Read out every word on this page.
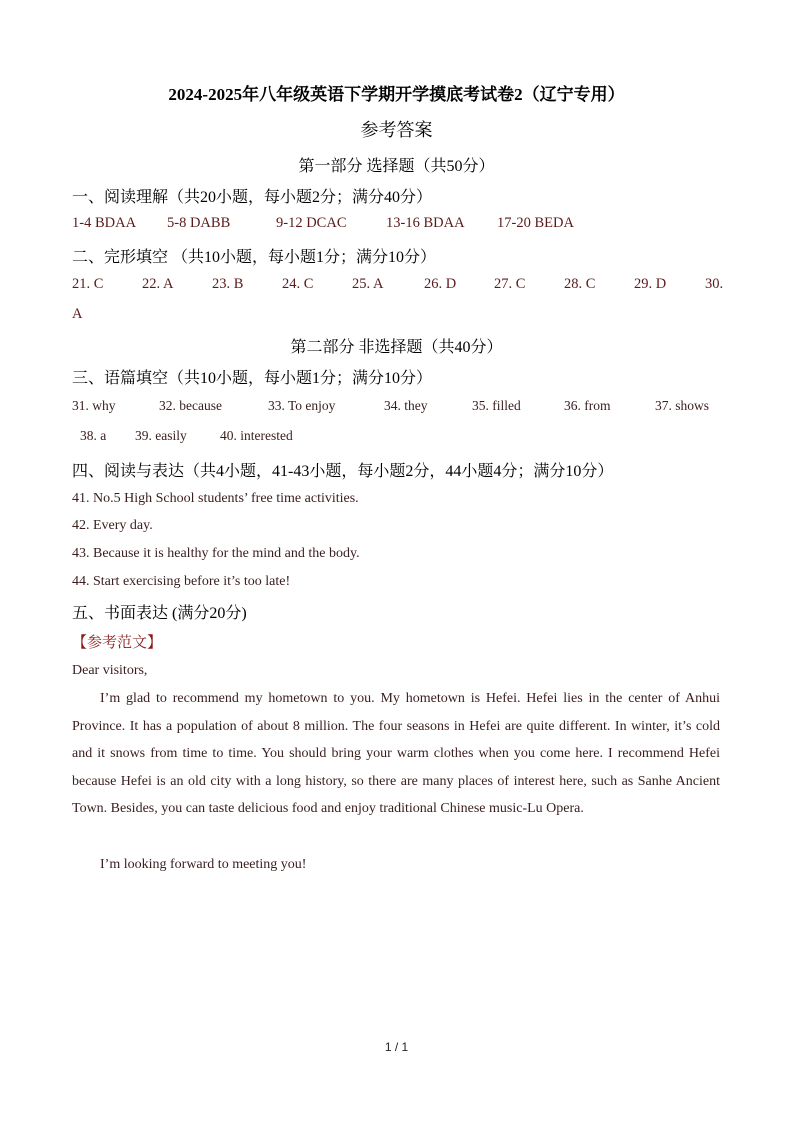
2024-2025年八年级英语下学期开学摸底考试卷2（辽宁专用）
参考答案
第一部分 选择题（共50分）
一、阅读理解（共20小题，每小题2分；满分40分）
1-4 BDAA 5-8 DABB	9-12 DCAC	13-16 BDAA 17-20 BEDA
二、完形填空 （共10小题，每小题1分；满分10分）
21. C	22. A	23. B	24. C	25. A	26. D	27. C	28. C	29. D	30.
A
第二部分 非选择题（共40分）
三、语篇填空（共10小题，每小题1分；满分10分）
31. why	32. because	33. To enjoy	34. they	35. filled	36. from	37. shows
38. a 39. easily 40. interested
四、阅读与表达（共4小题，41-43小题，每小题2分，44小题4分；满分10分）
41. No.5 High School students’ free time activities.
42. Every day.
43. Because it is healthy for the mind and the body.
44. Start exercising before it’s too late!
五、书面表达 (满分20分)
【参考范文】
Dear visitors,
I’m glad to recommend my hometown to you. My hometown is Hefei. Hefei lies in the center of Anhui Province. It has a population of about 8 million. The four seasons in Hefei are quite different. In winter, it’s cold and it snows from time to time. You should bring your warm clothes when you come here. I recommend Hefei because Hefei is an old city with a long history, so there are many places of interest here, such as Sanhe Ancient Town. Besides, you can taste delicious food and enjoy traditional Chinese music-Lu Opera.
I’m looking forward to meeting you!
1 / 1
